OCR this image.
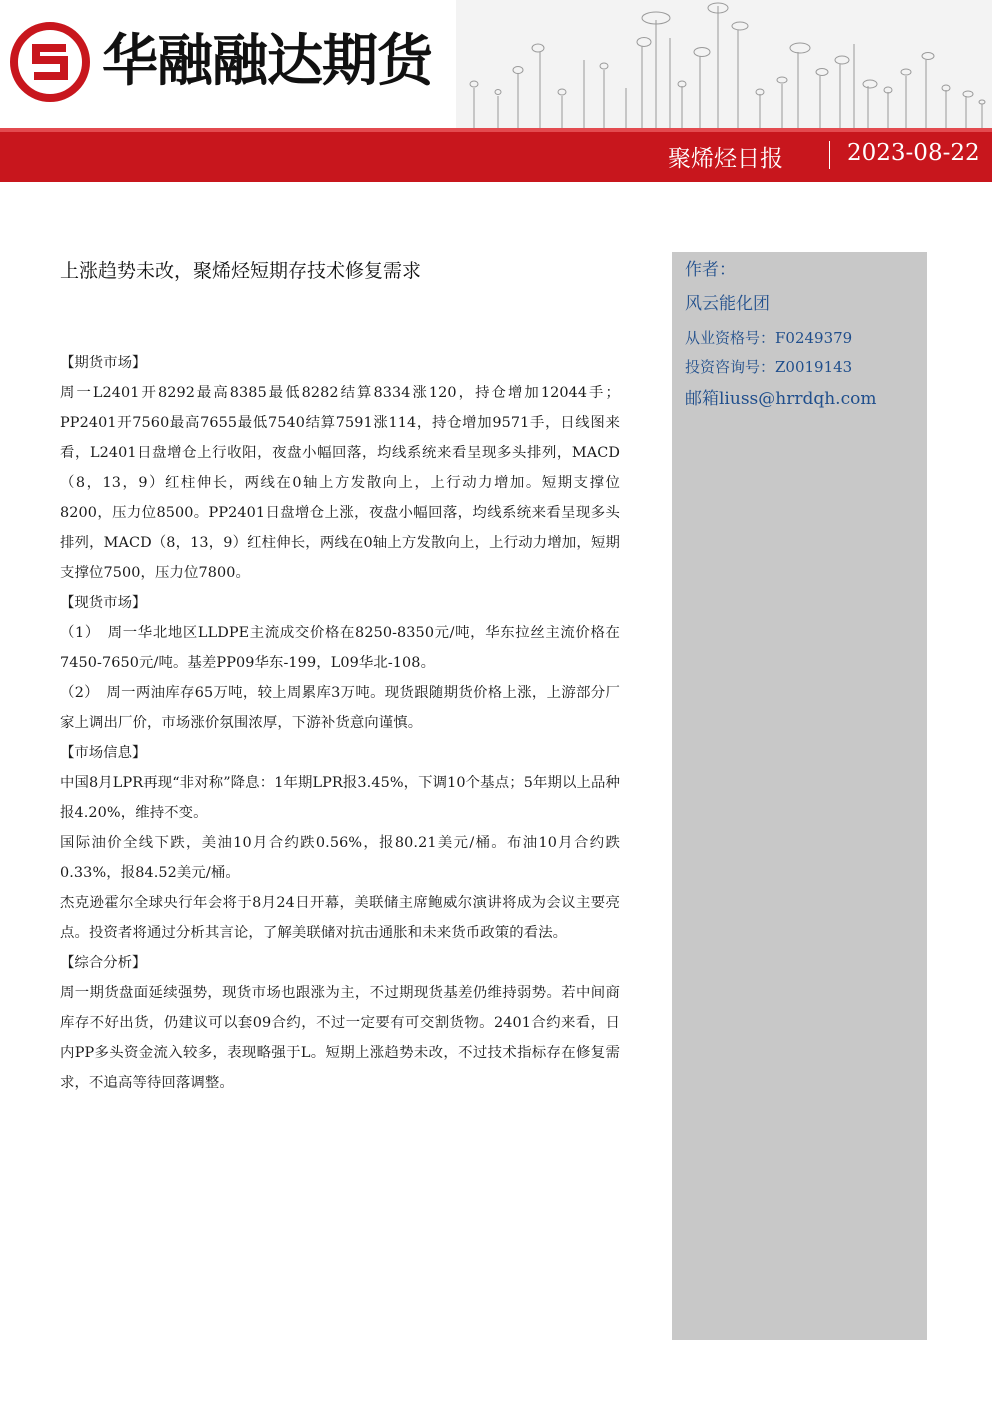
华融融达期货
聚烯烃日报	2023-08-22
上涨趋势未改，聚烯烃短期存技术修复需求
【期货市场】

周一L2401开8292最高8385最低8282结算8334涨120，持仓增加12044手；PP2401开7560最高7655最低7540结算7591涨114，持仓增加9571手，日线图来看，L2401日盘增仓上行收阳，夜盘小幅回落，均线系统来看呈现多头排列，MACD（8，13，9）红柱伸长，两线在0轴上方发散向上，上行动力增加。短期支撑位8200，压力位8500。PP2401日盘增仓上涨，夜盘小幅回落，均线系统来看呈现多头排列，MACD（8，13，9）红柱伸长，两线在0轴上方发散向上，上行动力增加，短期支撑位7500，压力位7800。

【现货市场】

（1）　周一华北地区LLDPE主流成交价格在8250-8350元/吨，华东拉丝主流价格在7450-7650元/吨。基差PP09华东-199，L09华北-108。

（2）　周一两油库存65万吨，较上周累库3万吨。现货跟随期货价格上涨，上游部分厂家上调出厂价，市场涨价氛围浓厚，下游补货意向谨慎。

【市场信息】

中国8月LPR再现“非对称”降息：1年期LPR报3.45%，下调10个基点；5年期以上品种报4.20%，维持不变。

国际油价全线下跌，美油10月合约跌0.56%，报80.21美元/桶。布油10月合约跌0.33%，报84.52美元/桶。

杰克逊霍尔全球央行年会将于8月24日开幕，美联储主席鲍威尔演讲将成为会议主要亮点。投资者将通过分析其言论，了解美联储对抗击通胀和未来货币政策的看法。

【综合分析】

周一期货盘面延续强势，现货市场也跟涨为主，不过期现货基差仍维持弱势。若中间商库存不好出货，仍建议可以套09合约，不过一定要有可交割货物。2401合约来看，日内PP多头资金流入较多，表现略强于L。短期上涨趋势未改，不过技术指标存在修复需求，不追高等待回落调整。

作者：
风云能化团
从业资格号：F0249379
投资咨询号：Z0019143
邮箱liuss@hrrdqh.com
